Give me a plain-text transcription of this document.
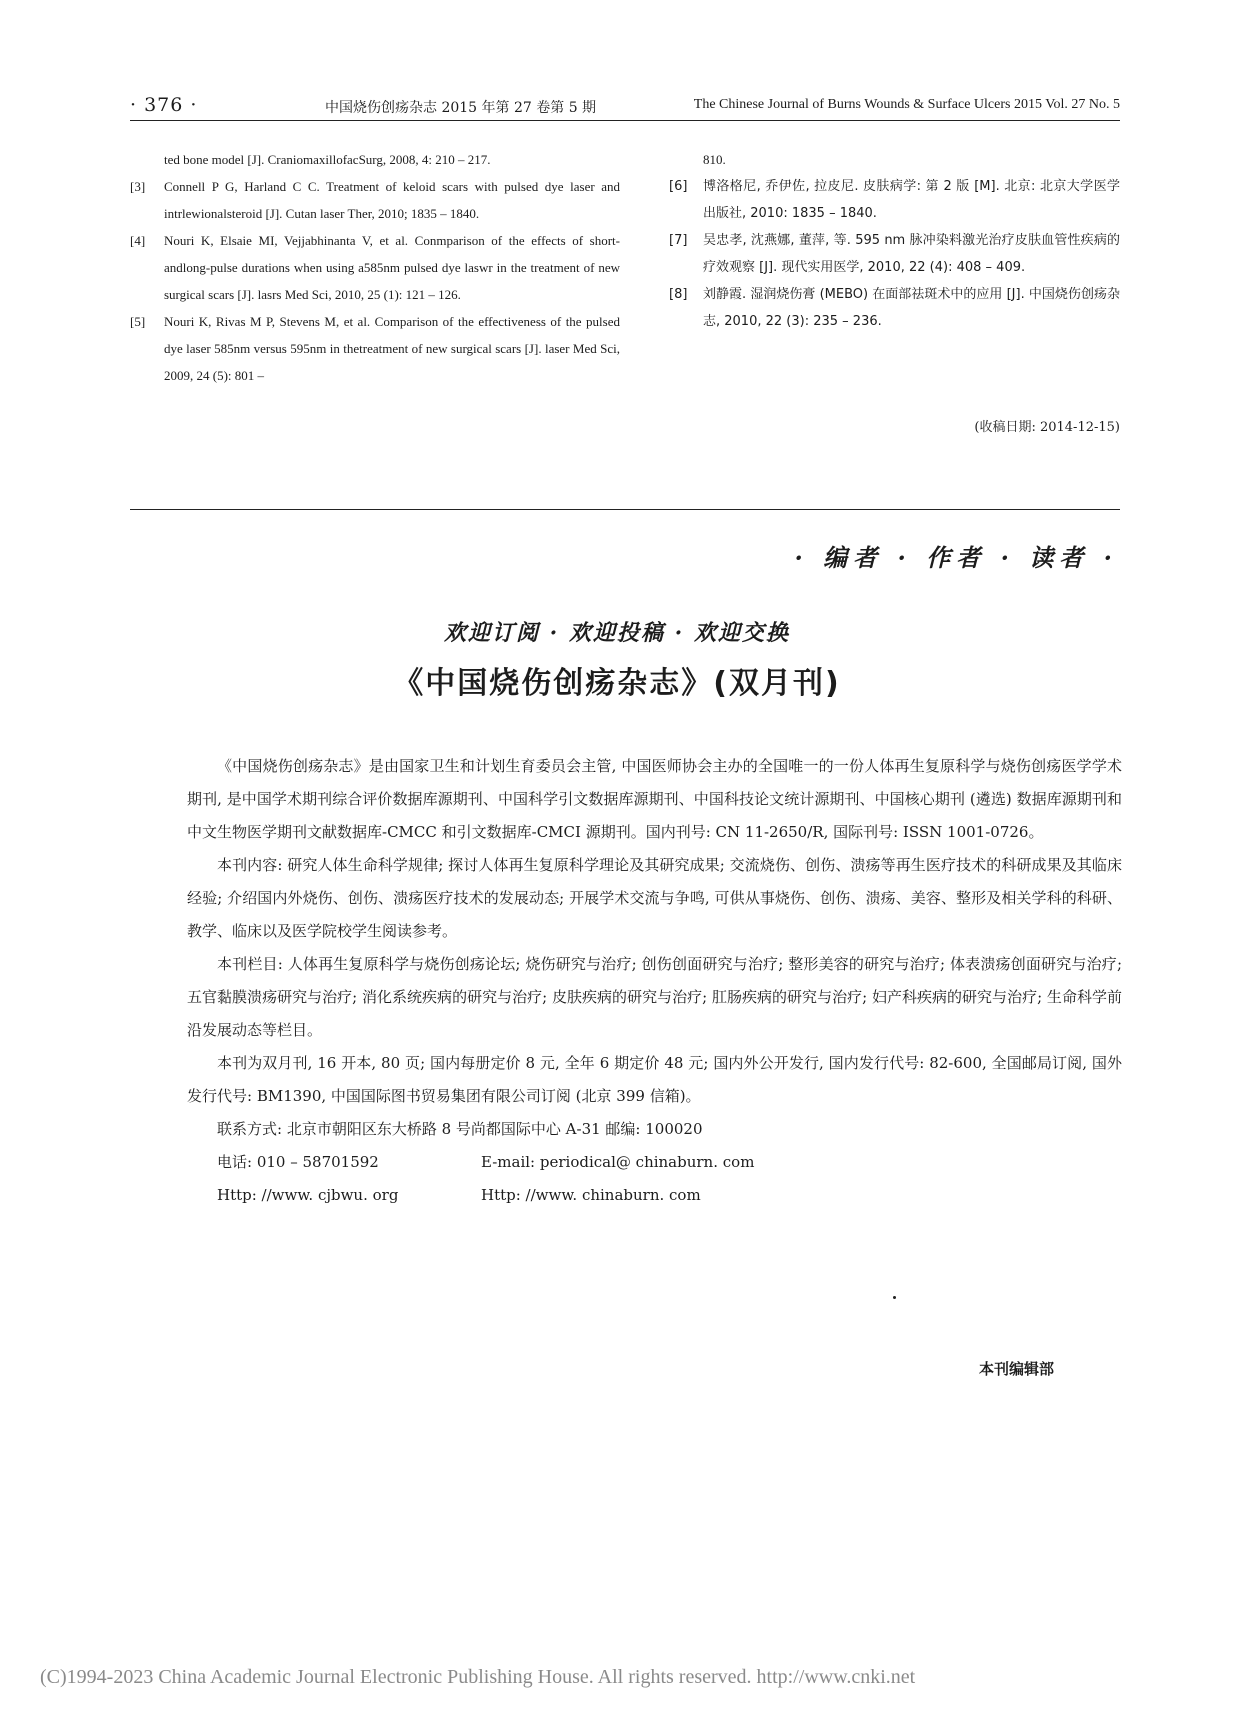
· 376 ·	中国烧伤创疡杂志 2015 年第 27 卷第 5 期	The Chinese Journal of Burns Wounds & Surface Ulcers 2015 Vol. 27 No. 5
ted bone model [J]. CraniomaxillofacSurg, 2008, 4: 210 – 217.
[3]	Connell P G, Harland C C. Treatment of keloid scars with pulsed dye laser and intrlewionalsteroid [J]. Cutan laser Ther, 2010; 1835 – 1840.
[4]	Nouri K, Elsaie MI, Vejjabhinanta V, et al. Conmparison of the effects of short-andlong-pulse durations when using a585nm pulsed dye laswr in the treatment of new surgical scars [J]. lasrs Med Sci, 2010, 25 (1): 121 – 126.
[5]	Nouri K, Rivas M P, Stevens M, et al. Comparison of the effectiveness of the pulsed dye laser 585nm versus 595nm in thetreatment of new surgical scars [J]. laser Med Sci, 2009, 24 (5): 801 –
810.
[6]	博洛格尼, 乔伊佐, 拉皮尼. 皮肤病学: 第 2 版 [M]. 北京: 北京大学医学出版社, 2010: 1835 – 1840.
[7]	吴忠孝, 沈燕娜, 董萍, 等. 595 nm 脉冲染料激光治疗皮肤血管性疾病的疗效观察 [J]. 现代实用医学, 2010, 22 (4): 408 – 409.
[8]	刘静霞. 湿润烧伤膏 (MEBO) 在面部祛斑术中的应用 [J]. 中国烧伤创疡杂志, 2010, 22 (3): 235 – 236.
(收稿日期: 2014-12-15)
· 编者 · 作者 · 读者 ·
欢迎订阅 · 欢迎投稿 · 欢迎交换
《中国烧伤创疡杂志》(双月刊)

《中国烧伤创疡杂志》是由国家卫生和计划生育委员会主管, 中国医师协会主办的全国唯一的一份人体再生复原科学与烧伤创疡医学学术期刊, 是中国学术期刊综合评价数据库源期刊、中国科学引文数据库源期刊、中国科技论文统计源期刊、中国核心期刊 (遴选) 数据库源期刊和中文生物医学期刊文献数据库-CMCC 和引文数据库-CMCI 源期刊。国内刊号: CN 11-2650/R, 国际刊号: ISSN 1001-0726。

本刊内容: 研究人体生命科学规律; 探讨人体再生复原科学理论及其研究成果; 交流烧伤、创伤、溃疡等再生医疗技术的科研成果及其临床经验; 介绍国内外烧伤、创伤、溃疡医疗技术的发展动态; 开展学术交流与争鸣, 可供从事烧伤、创伤、溃疡、美容、整形及相关学科的科研、教学、临床以及医学院校学生阅读参考。

本刊栏目: 人体再生复原科学与烧伤创疡论坛; 烧伤研究与治疗; 创伤创面研究与治疗; 整形美容的研究与治疗; 体表溃疡创面研究与治疗; 五官黏膜溃疡研究与治疗; 消化系统疾病的研究与治疗; 皮肤疾病的研究与治疗; 肛肠疾病的研究与治疗; 妇产科疾病的研究与治疗; 生命科学前沿发展动态等栏目。

本刊为双月刊, 16 开本, 80 页; 国内每册定价 8 元, 全年 6 期定价 48 元; 国内外公开发行, 国内发行代号: 82-600, 全国邮局订阅, 国外发行代号: BM1390, 中国国际图书贸易集团有限公司订阅 (北京 399 信箱)。

联系方式: 北京市朝阳区东大桥路 8 号尚都国际中心 A-31 邮编: 100020

电话: 010 – 58701592	E-mail: periodical@ chinaburn. com
Http: //www. cjbwu. org	Http: //www. chinaburn. com
本刊编辑部
(C)1994-2023 China Academic Journal Electronic Publishing House. All rights reserved. http://www.cnki.net
